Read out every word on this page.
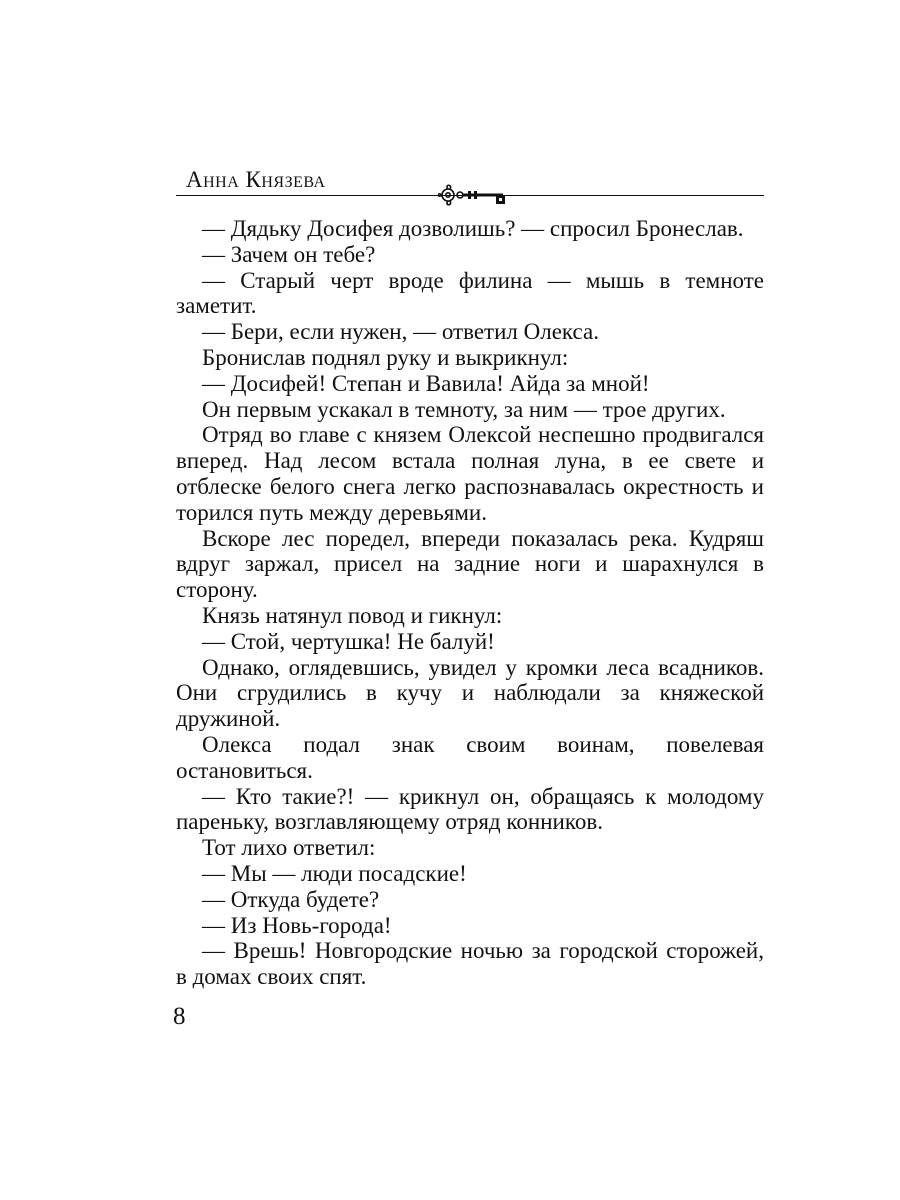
Анна Князева

— Дядьку Досифея дозволишь? — спросил Бронеслав.

— Зачем он тебе?

— Старый черт вроде филина — мышь в темноте заметит.

— Бери, если нужен, — ответил Олекса.

Бронислав поднял руку и выкрикнул:

— Досифей! Степан и Вавила! Айда за мной!

Он первым ускакал в темноту, за ним — трое других.

Отряд во главе с князем Олексой неспешно продвигался вперед. Над лесом встала полная луна, в ее свете и отблеске белого снега легко распознавалась окрестность и торился путь между деревьями.

Вскоре лес поредел, впереди показалась река. Кудряш вдруг заржал, присел на задние ноги и шарахнулся в сторону.

Князь натянул повод и гикнул:

— Стой, чертушка! Не балуй!

Однако, оглядевшись, увидел у кромки леса всадников. Они сгрудились в кучу и наблюдали за княжеской дружиной.

Олекса подал знак своим воинам, повелевая остановиться.

— Кто такие?! — крикнул он, обращаясь к молодому пареньку, возглавляющему отряд конников.

Тот лихо ответил:

— Мы — люди посадские!

— Откуда будете?

— Из Новь-города!

— Врешь! Новгородские ночью за городской сторожей, в домах своих спят.

8
